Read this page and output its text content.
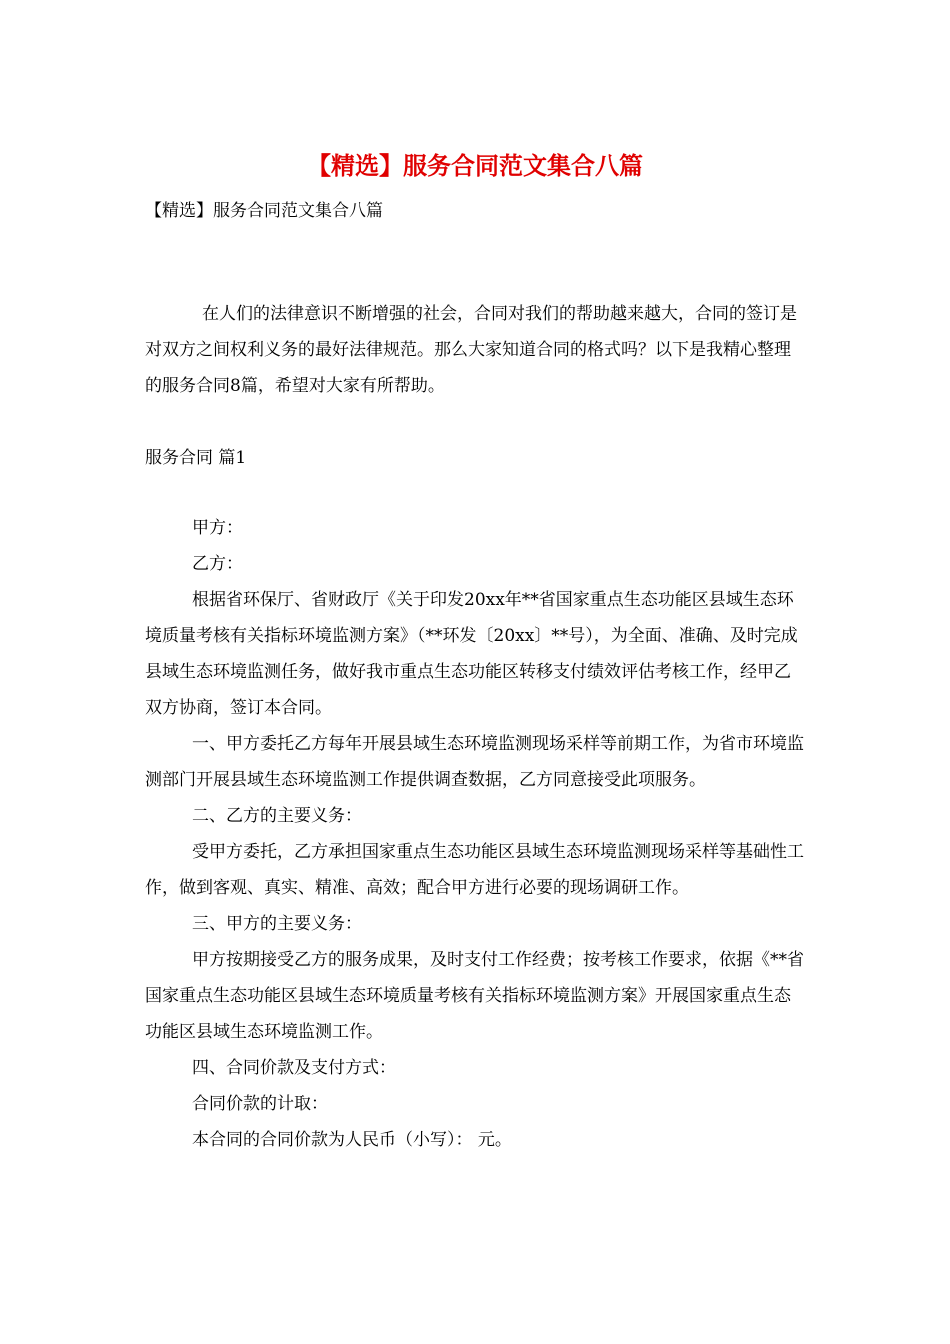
【精选】服务合同范文集合八篇

【精选】服务合同范文集合八篇

在人们的法律意识不断增强的社会，合同对我们的帮助越来越大，合同的签订是对双方之间权利义务的最好法律规范。那么大家知道合同的格式吗？以下是我精心整理的服务合同8篇，希望对大家有所帮助。

服务合同 篇1

甲方：

乙方：

根据省环保厅、省财政厅《关于印发20xx年**省国家重点生态功能区县域生态环境质量考核有关指标环境监测方案》（**环发〔20xx〕**号），为全面、准确、及时完成县域生态环境监测任务，做好我市重点生态功能区转移支付绩效评估考核工作，经甲乙双方协商，签订本合同。

一、甲方委托乙方每年开展县域生态环境监测现场采样等前期工作，为省市环境监测部门开展县域生态环境监测工作提供调查数据，乙方同意接受此项服务。

二、乙方的主要义务：

受甲方委托，乙方承担国家重点生态功能区县域生态环境监测现场采样等基础性工作，做到客观、真实、精准、高效；配合甲方进行必要的现场调研工作。

三、甲方的主要义务：

甲方按期接受乙方的服务成果，及时支付工作经费；按考核工作要求，依据《**省国家重点生态功能区县域生态环境质量考核有关指标环境监测方案》开展国家重点生态功能区县域生态环境监测工作。

四、合同价款及支付方式：

合同价款的计取：

本合同的合同价款为人民币（小写）： 元。
